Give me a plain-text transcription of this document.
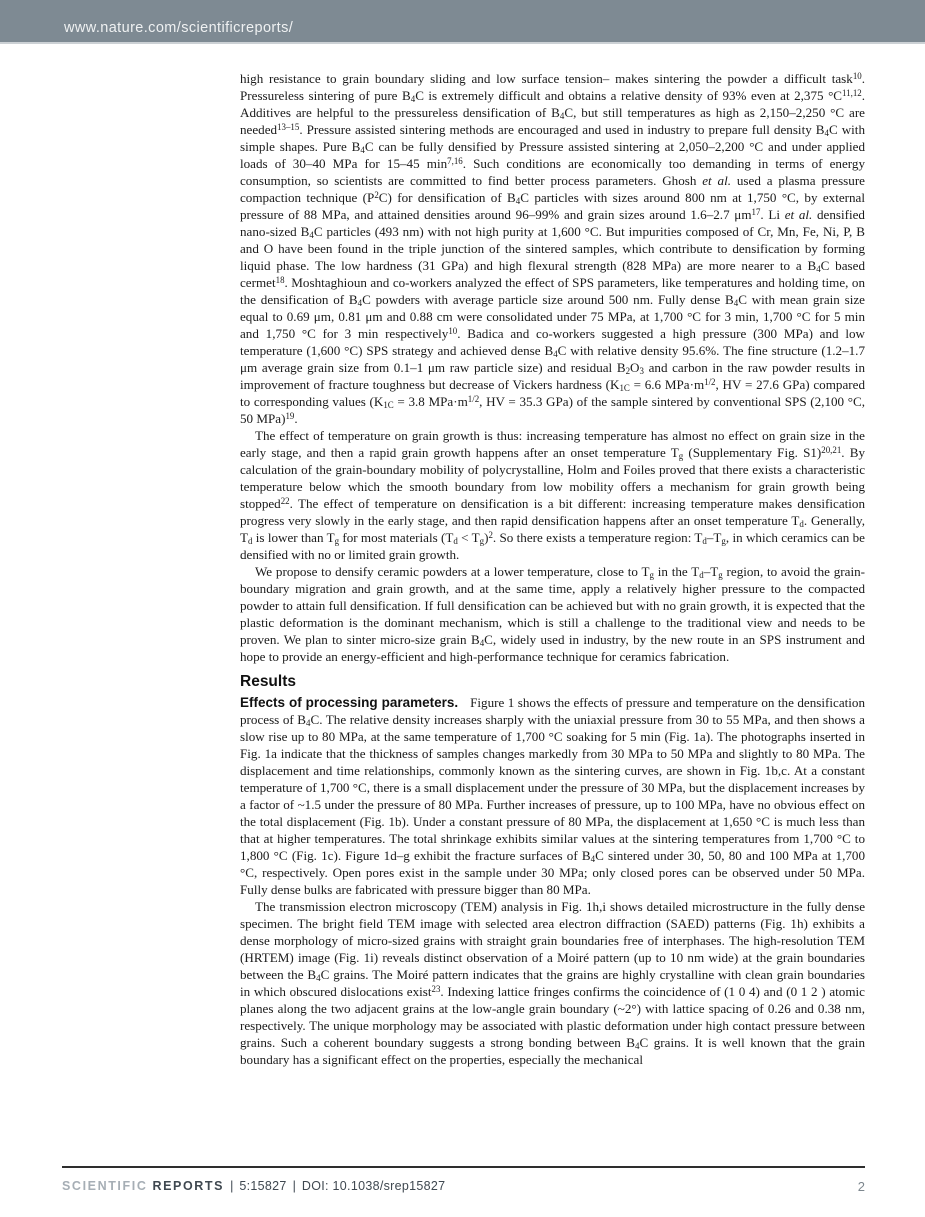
www.nature.com/scientificreports/

high resistance to grain boundary sliding and low surface tension– makes sintering the powder a difficult task$^{10}$. Pressureless sintering of pure $B_4C$ is extremely difficult and obtains a relative density of 93% even at 2,375 $^\circ C^{11,12}$. Additives are helpful to the pressureless densification of $B_4C$, but still temperatures as high as 2,150–2,250 °C are needed$^{13-15}$. Pressure assisted sintering methods are encouraged and used in industry to prepare full density $B_4C$ with simple shapes. Pure $B_4C$ can be fully densified by Pressure assisted sintering at 2,050–2,200 °C and under applied loads of 30–40 MPa for 15–45 $\min^{7,16}$. Such conditions are economically too demanding in terms of energy consumption, so scientists are committed to find better process parameters. Ghosh et al. used a plasma pressure compaction technique $(P^2C)$ for densification of $B_4C$ particles with sizes around 800 nm at 1,750 °C, by external pressure of 88 MPa, and attained densities around 96–99% and grain sizes around 1.6–2.7 $\mu m^{17}$. Li et al. densified nano-sized $B_4C$ particles (493 nm) with not high purity at 1,600 °C. But impurities composed of Cr, Mn, Fe, Ni, P, B and O have been found in the triple junction of the sintered samples, which contribute to densification by forming liquid phase. The low hardness (31 GPa) and high flexural strength (828 MPa) are more nearer to a $B_4C$ based cermet$^{18}$. Moshtaghioun and co-workers analyzed the effect of SPS parameters, like temperatures and holding time, on the densification of $B_4C$ powders with average particle size around 500 nm. Fully dense $B_4C$ with mean grain size equal to 0.69 μm, 0.81 μm and 0.88 cm were consolidated under 75 MPa, at 1,700 °C for 3 min, 1,700 °C for 5 min and 1,750 °C for 3 min respectively$^{10}$. Badica and co-workers suggested a high pressure (300 MPa) and low temperature (1,600 °C) SPS strategy and achieved dense $B_4C$ with relative density 95.6%. The fine structure (1.2–1.7 μm average grain size from 0.1–1 μm raw particle size) and residual $B_2O_3$ and carbon in the raw powder results in improvement of fracture toughness but decrease of Vickers hardness ($K_{1C} = 6.6$ $MPa\cdot m^{1/2}$, HV = 27.6 GPa) compared to corresponding values ($K_{1C} = 3.8$ $MPa\cdot m^{1/2}$, HV = 35.3 GPa) of the sample sintered by conventional SPS (2,100 °C, 50 MPa)$^{19}$.

The effect of temperature on grain growth is thus: increasing temperature has almost no effect on grain size in the early stage, and then a rapid grain growth happens after an onset temperature $T_g$ (Supplementary Fig. S1)$^{20,21}$. By calculation of the grain-boundary mobility of polycrystalline, Holm and Foiles proved that there exists a characteristic temperature below which the smooth boundary from low mobility offers a mechanism for grain growth being stopped$^{22}$. The effect of temperature on densification is a bit different: increasing temperature makes densification progress very slowly in the early stage, and then rapid densification happens after an onset temperature $T_d$. Generally, $T_d$ is lower than $T_g$ for most materials $(T_d < T_g)^2$. So there exists a temperature region: $T_d-T_g$, in which ceramics can be densified with no or limited grain growth.

We propose to densify ceramic powders at a lower temperature, close to $T_g$ in the $T_d-T_g$ region, to avoid the grain-boundary migration and grain growth, and at the same time, apply a relatively higher pressure to the compacted powder to attain full densification. If full densification can be achieved but with no grain growth, it is expected that the plastic deformation is the dominant mechanism, which is still a challenge to the traditional view and needs to be proven. We plan to sinter micro-size grain $B_4C$, widely used in industry, by the new route in an SPS instrument and hope to provide an energy-efficient and high-performance technique for ceramics fabrication.

Results

Effects of processing parameters. Figure 1 shows the effects of pressure and temperature on the densification process of $B_4C$. The relative density increases sharply with the uniaxial pressure from 30 to 55 MPa, and then shows a slow rise up to 80 MPa, at the same temperature of 1,700 °C soaking for 5 min (Fig. 1a). The photographs inserted in Fig. 1a indicate that the thickness of samples changes markedly from 30 MPa to 50 MPa and slightly to 80 MPa. The displacement and time relationships, commonly known as the sintering curves, are shown in Fig. 1b,c. At a constant temperature of 1,700 °C, there is a small displacement under the pressure of 30 MPa, but the displacement increases by a factor of ~1.5 under the pressure of 80 MPa. Further increases of pressure, up to 100 MPa, have no obvious effect on the total displacement (Fig. 1b). Under a constant pressure of 80 MPa, the displacement at 1,650 °C is much less than that at higher temperatures. The total shrinkage exhibits similar values at the sintering temperatures from 1,700 °C to 1,800 °C (Fig. 1c). Figure 1d–g exhibit the fracture surfaces of $B_4C$ sintered under 30, 50, 80 and 100 MPa at 1,700 °C, respectively. Open pores exist in the sample under 30 MPa; only closed pores can be observed under 50 MPa. Fully dense bulks are fabricated with pressure bigger than 80 MPa.

The transmission electron microscopy (TEM) analysis in Fig. 1h,i shows detailed microstructure in the fully dense specimen. The bright field TEM image with selected area electron diffraction (SAED) patterns (Fig. 1h) exhibits a dense morphology of micro-sized grains with straight grain boundaries free of interphases. The high-resolution TEM (HRTEM) image (Fig. 1i) reveals distinct observation of a Moiré pattern (up to 10 nm wide) at the grain boundaries between the $B_4C$ grains. The Moiré pattern indicates that the grains are highly crystalline with clean grain boundaries in which obscured dislocations exist$^{23}$. Indexing lattice fringes confirms the coincidence of (1 0 4) and (0 1 2 ) atomic planes along the two adjacent grains at the low-angle grain boundary (~2°) with lattice spacing of 0.26 and 0.38 nm, respectively. The unique morphology may be associated with plastic deformation under high contact pressure between grains. Such a coherent boundary suggests a strong bonding between $B_4C$ grains. It is well known that the grain boundary has a significant effect on the properties, especially the mechanical

SCIENTIFIC REPORTS | 5:15827 | DOI: 10.1038/srep15827	2
